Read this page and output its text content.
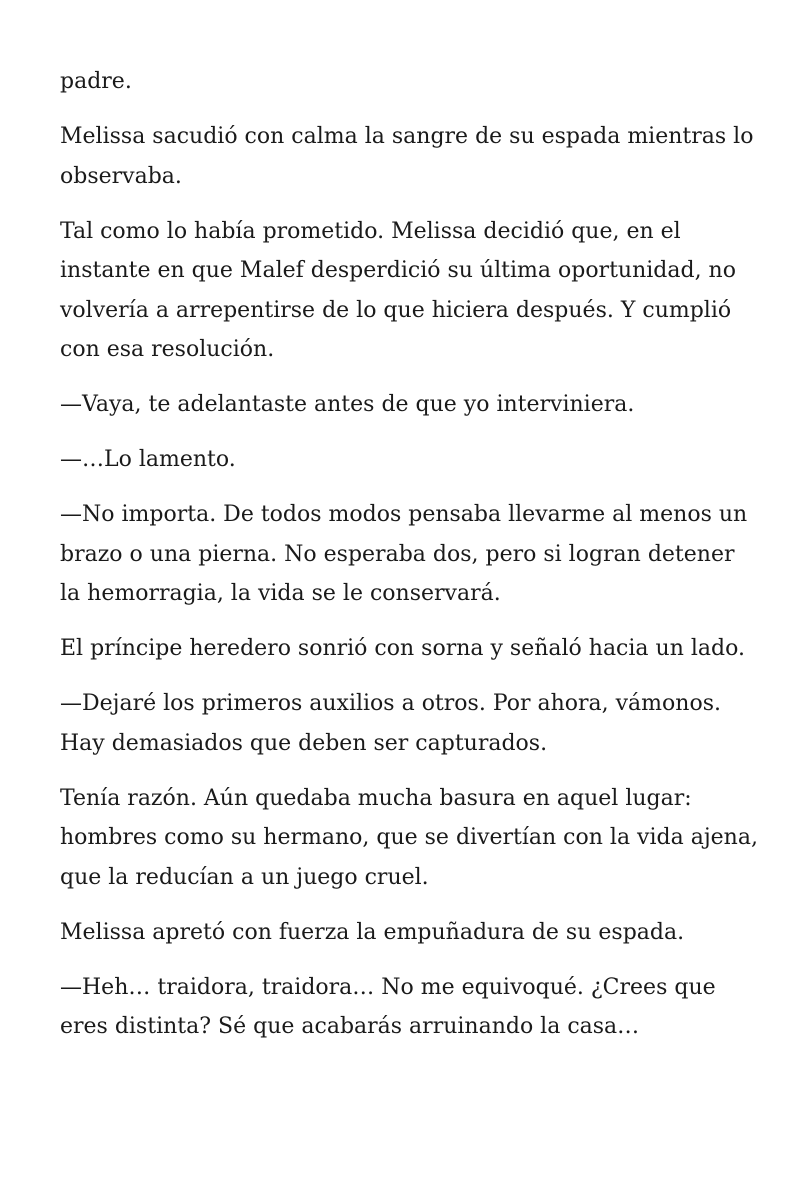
padre.

Melissa sacudió con calma la sangre de su espada mientras lo observaba.

Tal como lo había prometido. Melissa decidió que, en el instante en que Malef desperdició su última oportunidad, no volvería a arrepentirse de lo que hiciera después. Y cumplió con esa resolución.

—Vaya, te adelantaste antes de que yo interviniera.

—…Lo lamento.

—No importa. De todos modos pensaba llevarme al menos un brazo o una pierna. No esperaba dos, pero si logran detener la hemorragia, la vida se le conservará.

El príncipe heredero sonrió con sorna y señaló hacia un lado.

—Dejaré los primeros auxilios a otros. Por ahora, vámonos. Hay demasiados que deben ser capturados.

Tenía razón. Aún quedaba mucha basura en aquel lugar: hombres como su hermano, que se divertían con la vida ajena, que la reducían a un juego cruel.

Melissa apretó con fuerza la empuñadura de su espada.

—Heh… traidora, traidora… No me equivoqué. ¿Crees que eres distinta? Sé que acabarás arruinando la casa…
